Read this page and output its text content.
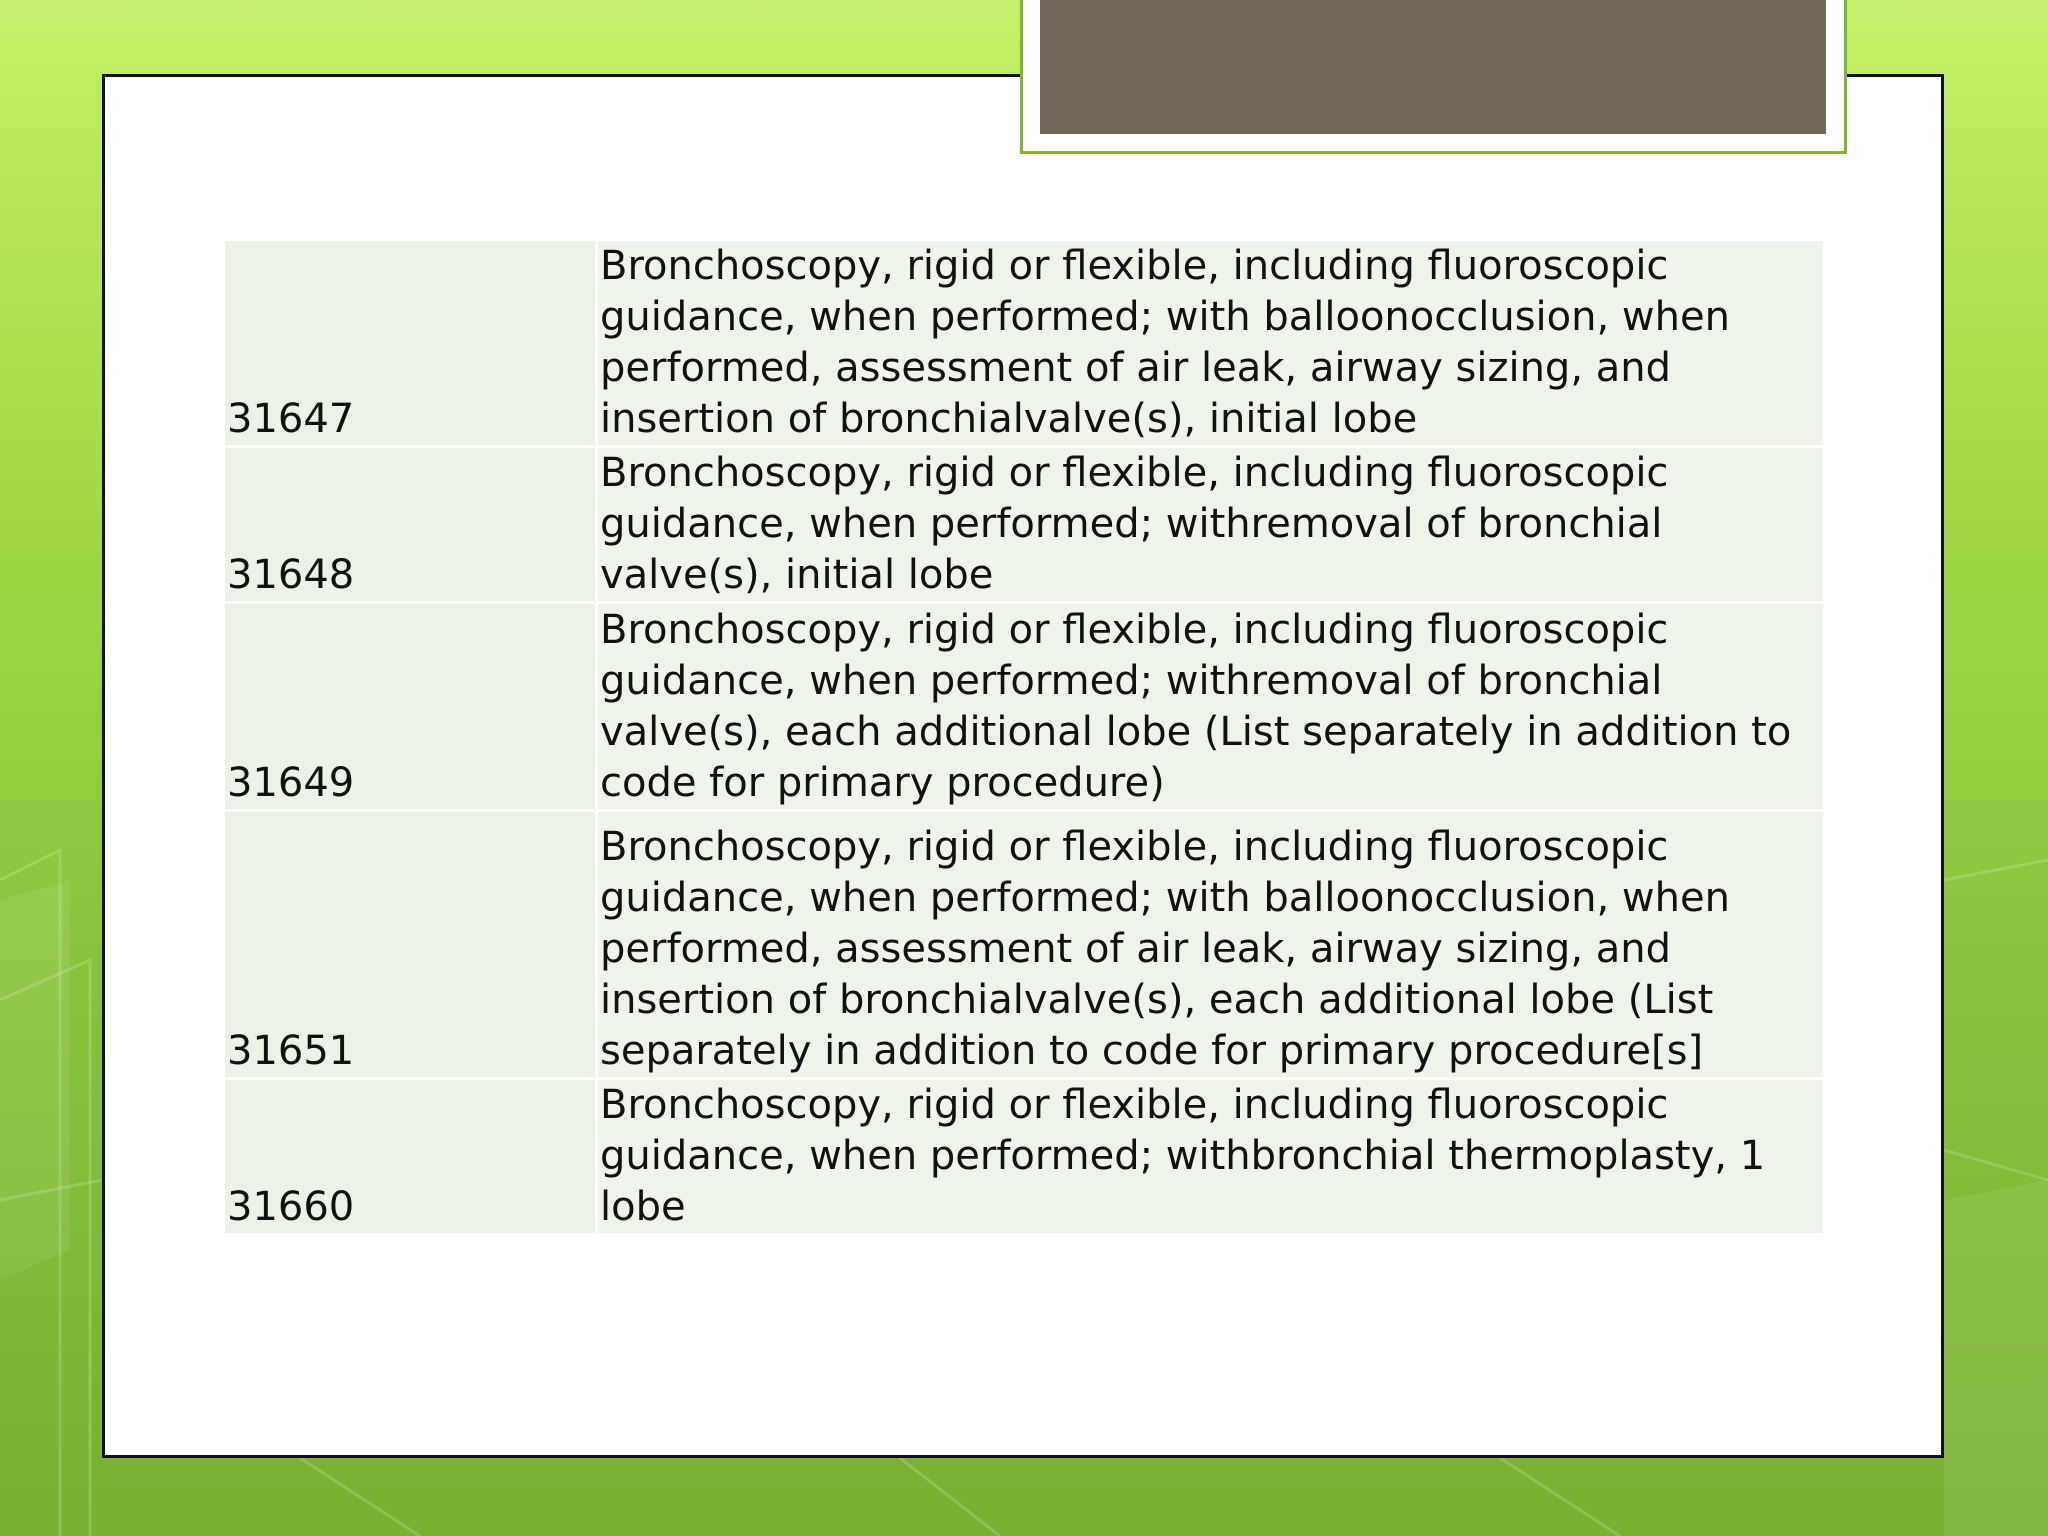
31647	Bronchoscopy, rigid or flexible, including fluoroscopic guidance, when performed; with balloonocclusion, when performed, assessment of air leak, airway sizing, and insertion of bronchialvalve(s), initial lobe
31648	Bronchoscopy, rigid or flexible, including fluoroscopic guidance, when performed; withremoval of bronchial valve(s), initial lobe
31649	Bronchoscopy, rigid or flexible, including fluoroscopic guidance, when performed; withremoval of bronchial valve(s), each additional lobe (List separately in addition to code for primary procedure)
31651	Bronchoscopy, rigid or flexible, including fluoroscopic guidance, when performed; with balloonocclusion, when performed, assessment of air leak, airway sizing, and insertion of bronchialvalve(s), each additional lobe (List separately in addition to code for primary procedure[s]
31660	Bronchoscopy, rigid or flexible, including fluoroscopic guidance, when performed; withbronchial thermoplasty, 1 lobe
